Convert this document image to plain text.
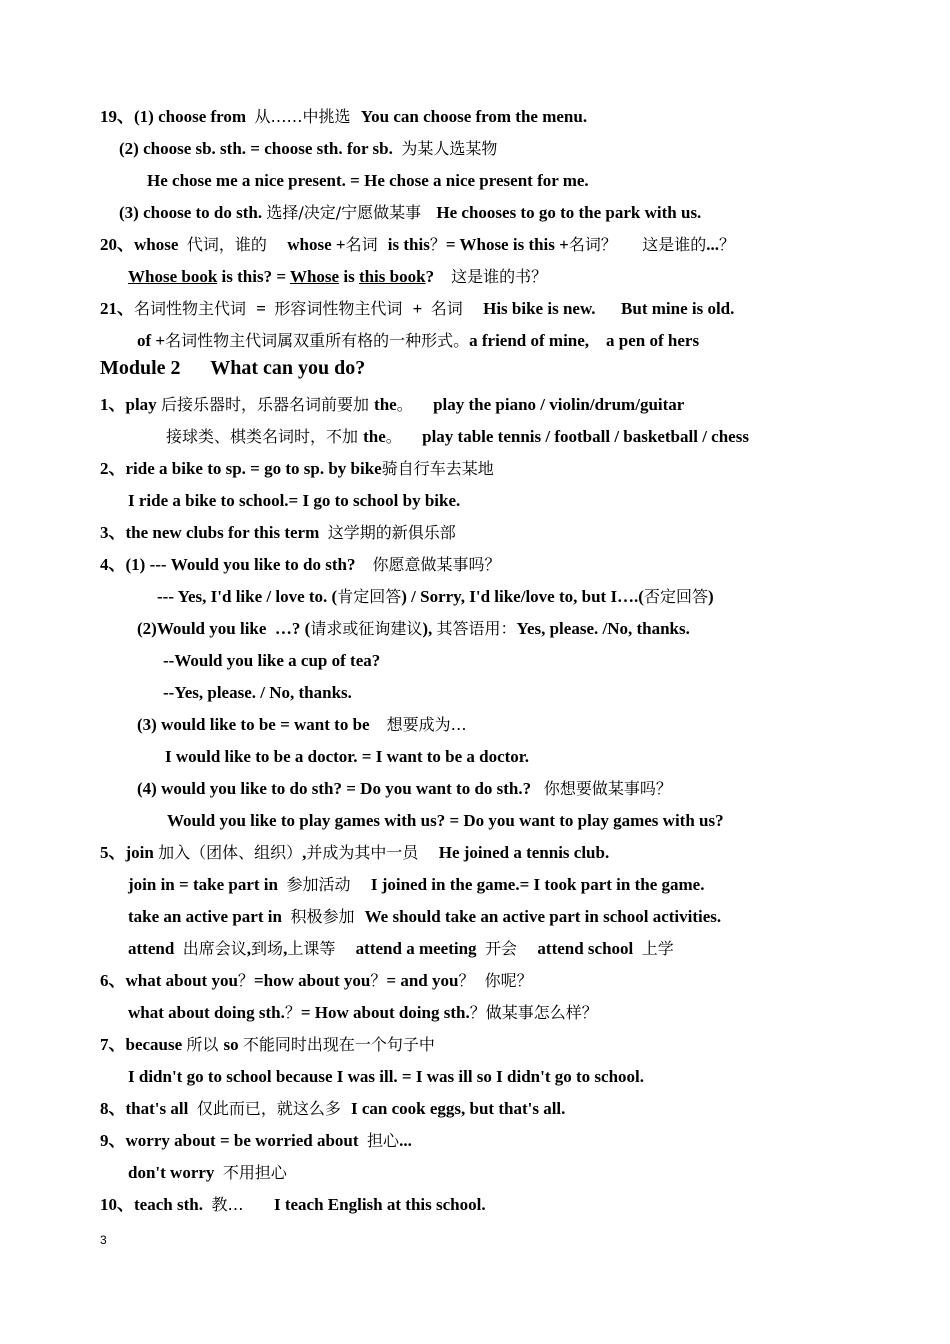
19、(1) choose from  从……中挑选  You can choose from the menu.
(2) choose sb. sth. = choose sth. for sb.  为某人选某物
He chose me a nice present. = He chose a nice present for me.
(3) choose to do sth. 选择/决定/宁愿做某事   He chooses to go to the park with us.
20、whose  代词，谁的    whose +名词  is this？= Whose is this +名词？     这是谁的...？
Whose book is this? = Whose is this book?    这是谁的书？
21、名词性物主代词  =  形容词性物主代词  +  名词    His bike is new.      But mine is old.
of +名词性物主代词属双重所有格的一种形式。a friend of mine,    a pen of hers
1、play 后接乐器时，乐器名词前要加 the。    play the piano / violin/drum/guitar
接球类、棋类名词时，不加 the。    play table tennis / football / basketball / chess
2、ride a bike to sp. = go to sp. by bike骑自行车去某地
I ride a bike to school.= I go to school by bike.
3、the new clubs for this term  这学期的新俱乐部
4、(1) --- Would you like to do sth?    你愿意做某事吗？
--- Yes, I'd like / love to. (肯定回答) / Sorry, I'd like/love to, but I….(否定回答)
(2)Would you like  …? (请求或征询建议), 其答语用：Yes, please. /No, thanks.
--Would you like a cup of tea?
--Yes, please. / No, thanks.
(3) would like to be = want to be    想要成为…
I would like to be a doctor. = I want to be a doctor.
(4) would you like to do sth? = Do you want to do sth.?   你想要做某事吗？
Would you like to play games with us? = Do you want to play games with us?
5、join 加入（团体、组织）,并成为其中一员    He joined a tennis club.
join in = take part in  参加活动    I joined in the game.= I took part in the game.
take an active part in  积极参加  We should take an active part in school activities.
attend  出席会议,到场,上课等    attend a meeting  开会    attend school  上学
6、what about you？=how about you？= and you？  你呢？
what about doing sth.？= How about doing sth.？做某事怎么样？
7、because 所以 so 不能同时出现在一个句子中
I didn't go to school because I was ill. = I was ill so I didn't go to school.
8、that's all  仅此而已，就这么多  I can cook eggs, but that's all.
9、worry about = be worried about  担心...
don't worry  不用担心
10、teach sth.  教…      I teach English at this school.
Module 2 What can you do?
3
